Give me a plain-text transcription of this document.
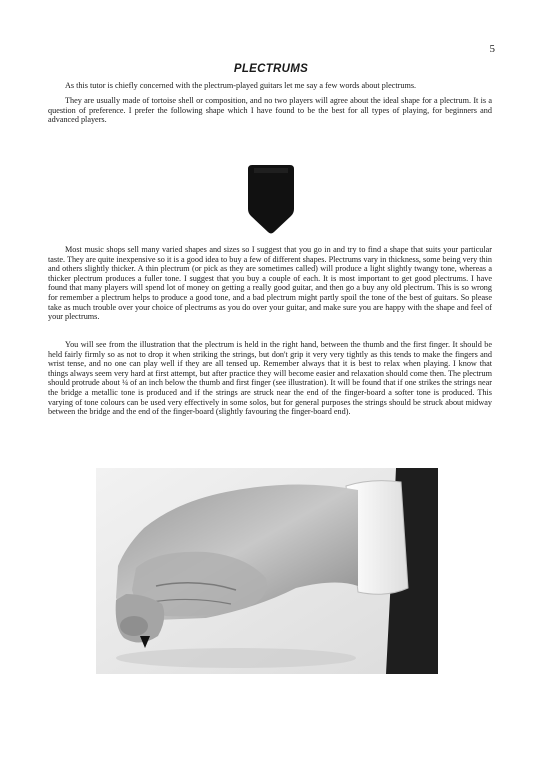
5
PLECTRUMS

As this tutor is chiefly concerned with the plectrum-played guitars let me say a few words about plectrums.

They are usually made of tortoise shell or composition, and no two players will agree about the ideal shape for a plectrum. It is a question of preference. I prefer the following shape which I have found to be the best for all types of playing, for beginners and advanced players.

Most music shops sell many varied shapes and sizes so I suggest that you go in and try to find a shape that suits your particular taste. They are quite inexpensive so it is a good idea to buy a few of different shapes. Plectrums vary in thickness, some being very thin and others slightly thicker. A thin plectrum (or pick as they are sometimes called) will produce a light slightly twangy tone, whereas a thicker plectrum produces a fuller tone. I suggest that you buy a couple of each. It is most important to get good plectrums. I have found that many players will spend lot of money on getting a really good guitar, and then go a buy any old plectrum. This is so wrong for remember a plectrum helps to produce a good tone, and a bad plectrum might partly spoil the tone of the best of guitars. So please take as much trouble over your choice of plectrums as you do over your guitar, and make sure you are happy with the shape and feel of your plectrums.

You will see from the illustration that the plectrum is held in the right hand, between the thumb and the first finger. It should be held fairly firmly so as not to drop it when striking the strings, but don't grip it very very tightly as this tends to make the fingers and wrist tense, and no one can play well if they are all tensed up. Remember always that it is best to relax when playing. I know that things always seem very hard at first attempt, but after practice they will become easier and relaxation should come then. The plectrum should protrude about ¼ of an inch below the thumb and first finger (see illustration). It will be found that if one strikes the strings near the bridge a metallic tone is produced and if the strings are struck near the end of the finger-board a softer tone is produced. This varying of tone colours can be used very effectively in some solos, but for general purposes the strings should be struck about midway between the bridge and the end of the finger-board (slightly favouring the finger-board end).
